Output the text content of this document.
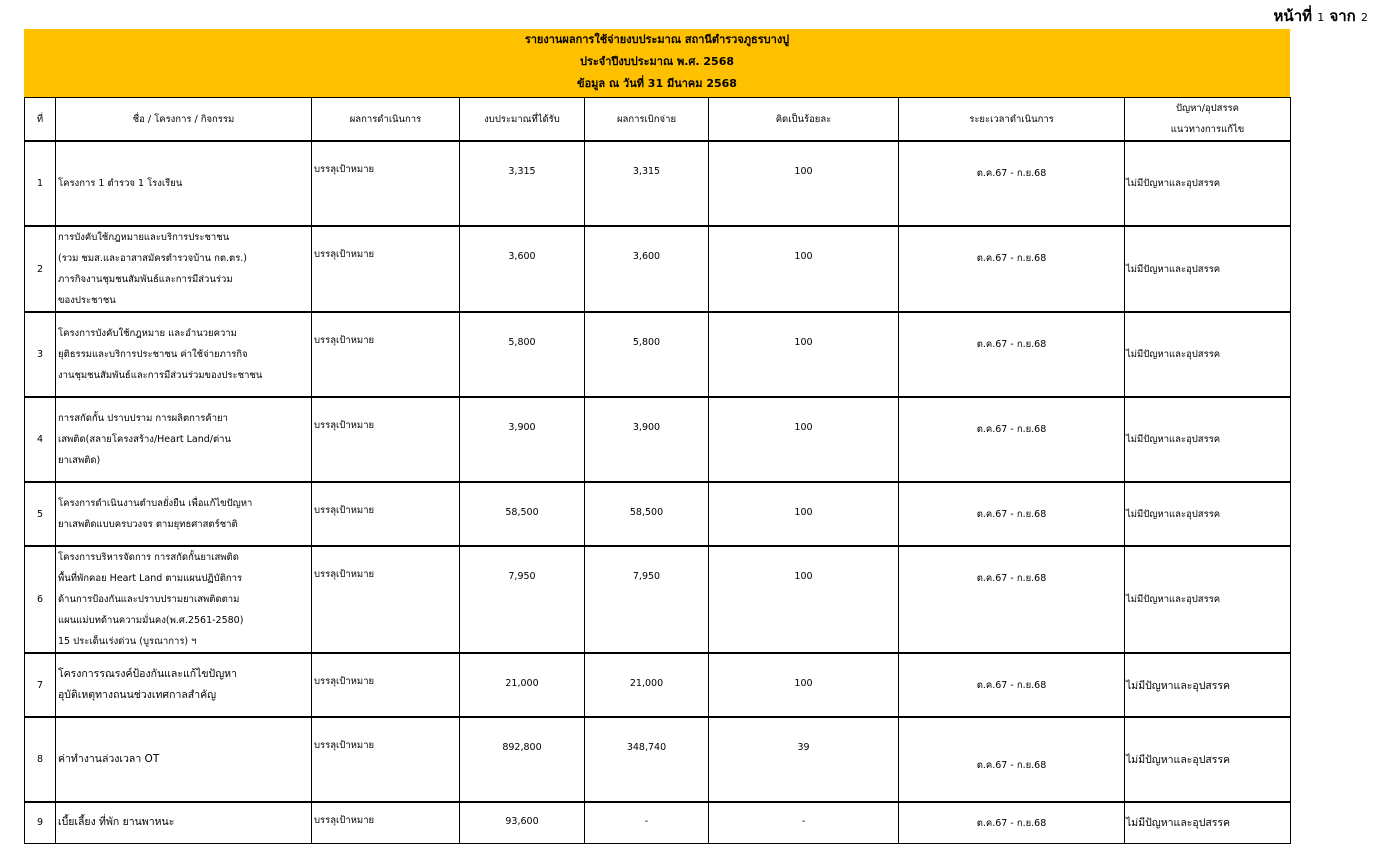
หน้าที่ 1 จาก 2
รายงานผลการใช้จ่ายงบประมาณ สถานีตำรวจภูธรบางปู
ประจำปีงบประมาณ พ.ศ. 2568
ข้อมูล ณ วันที่ 31 มีนาคม 2568
ที่	ชื่อ / โครงการ / กิจกรรม	ผลการดำเนินการ	งบประมาณที่ได้รับ	ผลการเบิกจ่าย	คิดเป็นร้อยละ	ระยะเวลาดำเนินการ	ปัญหา/อุปสรรค
แนวทางการแก้ไข

1	โครงการ 1 ตำรวจ 1 โรงเรียน	บรรลุเป้าหมาย	3,315	3,315	100	ต.ค.67 - ก.ย.68	ไม่มีปัญหาและอุปสรรค

2	การบังคับใช้กฎหมายและบริการประชาชน
(รวม ชมส.และอาสาสมัครตำรวจบ้าน กต.ตร.)
ภารกิจงานชุมชนสัมพันธ์และการมีส่วนร่วม
ของประชาชน	บรรลุเป้าหมาย	3,600	3,600	100	ต.ค.67 - ก.ย.68	ไม่มีปัญหาและอุปสรรค

3	โครงการบังคับใช้กฎหมาย และอำนวยความ
ยุติธรรมและบริการประชาชน ค่าใช้จ่ายภารกิจ
งานชุมชนสัมพันธ์และการมีส่วนร่วมของประชาชน	บรรลุเป้าหมาย	5,800	5,800	100	ต.ค.67 - ก.ย.68	ไม่มีปัญหาและอุปสรรค

4	การสกัดกั้น ปราบปราม การผลิตการค้ายา
เสพติด(สลายโครงสร้าง/Heart Land/ต่าน
ยาเสพติด)	บรรลุเป้าหมาย	3,900	3,900	100	ต.ค.67 - ก.ย.68	ไม่มีปัญหาและอุปสรรค

5	โครงการดำเนินงานตำบลยั่งยืน เพื่อแก้ไขปัญหา
ยาเสพติดแบบครบวงจร ตามยุทธศาสตร์ชาติ	บรรลุเป้าหมาย	58,500	58,500	100	ต.ค.67 - ก.ย.68	ไม่มีปัญหาและอุปสรรค

6	โครงการบริหารจัดการ การสกัดกั้นยาเสพติด
พื้นที่พักคอย Heart Land ตามแผนปฏิบัติการ
ด้านการป้องกันและปราบปรามยาเสพติดตาม
แผนแม่บทด้านความมั่นคง(พ.ศ.2561-2580)
15 ประเด็นเร่งด่วน (บูรณาการ) ฯ	บรรลุเป้าหมาย	7,950	7,950	100	ต.ค.67 - ก.ย.68	ไม่มีปัญหาและอุปสรรค

7	โครงการรณรงค์ป้องกันและแก้ไขปัญหา
อุบัติเหตุทางถนนช่วงเทศกาลสำคัญ	บรรลุเป้าหมาย	21,000	21,000	100	ต.ค.67 - ก.ย.68	ไม่มีปัญหาและอุปสรรค

8	ค่าทำงานล่วงเวลา OT	บรรลุเป้าหมาย	892,800	348,740	39	ต.ค.67 - ก.ย.68	ไม่มีปัญหาและอุปสรรค

9	เบี้ยเลี้ยง ที่พัก ยานพาหนะ	บรรลุเป้าหมาย	93,600	-	-	ต.ค.67 - ก.ย.68	ไม่มีปัญหาและอุปสรรค
